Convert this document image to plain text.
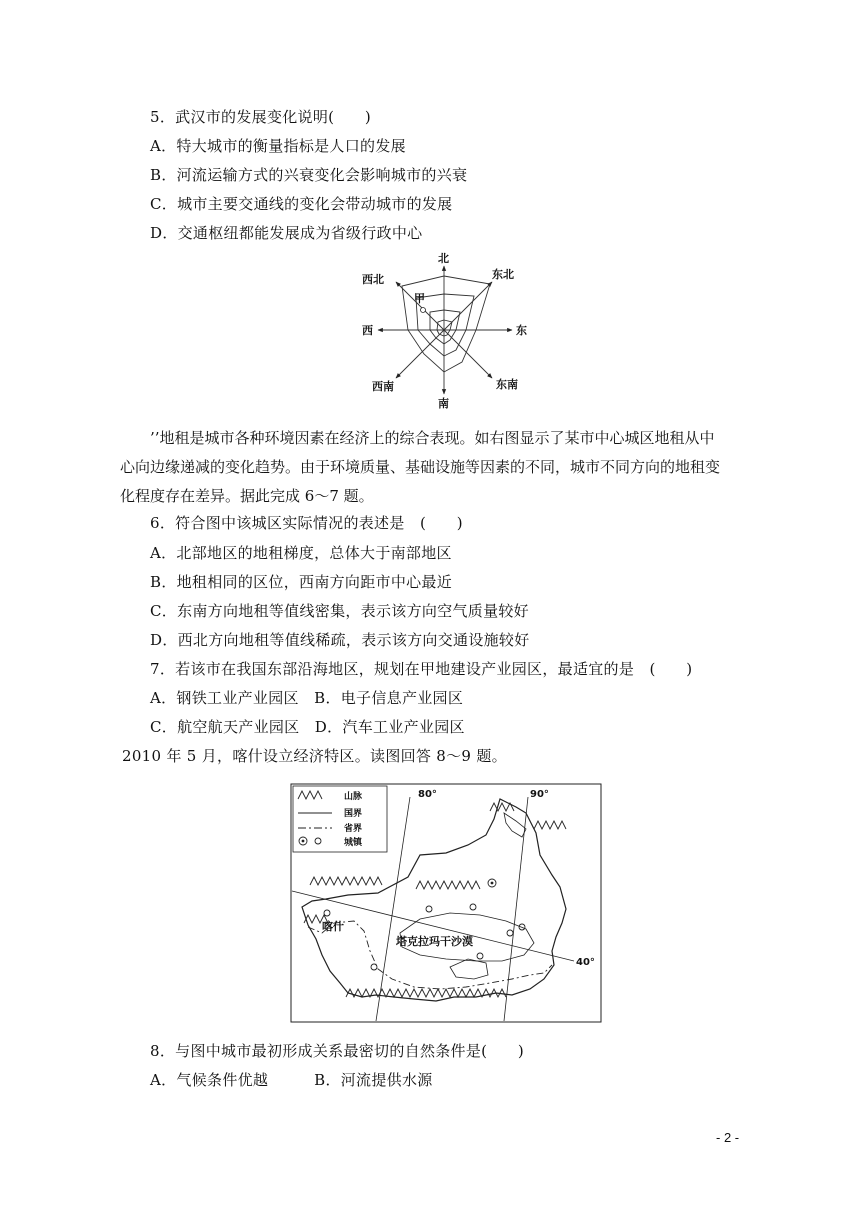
5．武汉市的发展变化说明(　　)
A．特大城市的衡量指标是人口的发展
B．河流运输方式的兴衰变化会影响城市的兴衰
C．城市主要交通线的变化会带动城市的发展
D．交通枢纽都能发展成为省级行政中心
北
南
东
西
东北
西北
东南
西南
甲
’’地租是城市各种环境因素在经济上的综合表现。如右图显示了某市中心城区地租从中
心向边缘递减的变化趋势。由于环境质量、基础设施等因素的不同，城市不同方向的地租变
化程度存在差异。据此完成 6～7 题。
6．符合图中该城区实际情况的表述是　(　　)
A．北部地区的地租梯度，总体大于南部地区
B．地租相同的区位，西南方向距市中心最近
C．东南方向地租等值线密集，表示该方向空气质量较好
D．西北方向地租等值线稀疏，表示该方向交通设施较好
7．若该市在我国东部沿海地区，规划在甲地建设产业园区，最适宜的是　(　　)
A．钢铁工业产业园区　B．电子信息产业园区
C．航空航天产业园区　D．汽车工业产业园区
2010 年 5 月，喀什设立经济特区。读图回答 8～9 题。
山脉
国界
省界
城镇
80°	90°
40°
喀什
塔克拉玛干沙漠
8．与图中城市最初形成关系最密切的自然条件是(　　)
A．气候条件优越　　　B．河流提供水源
- 2 -
